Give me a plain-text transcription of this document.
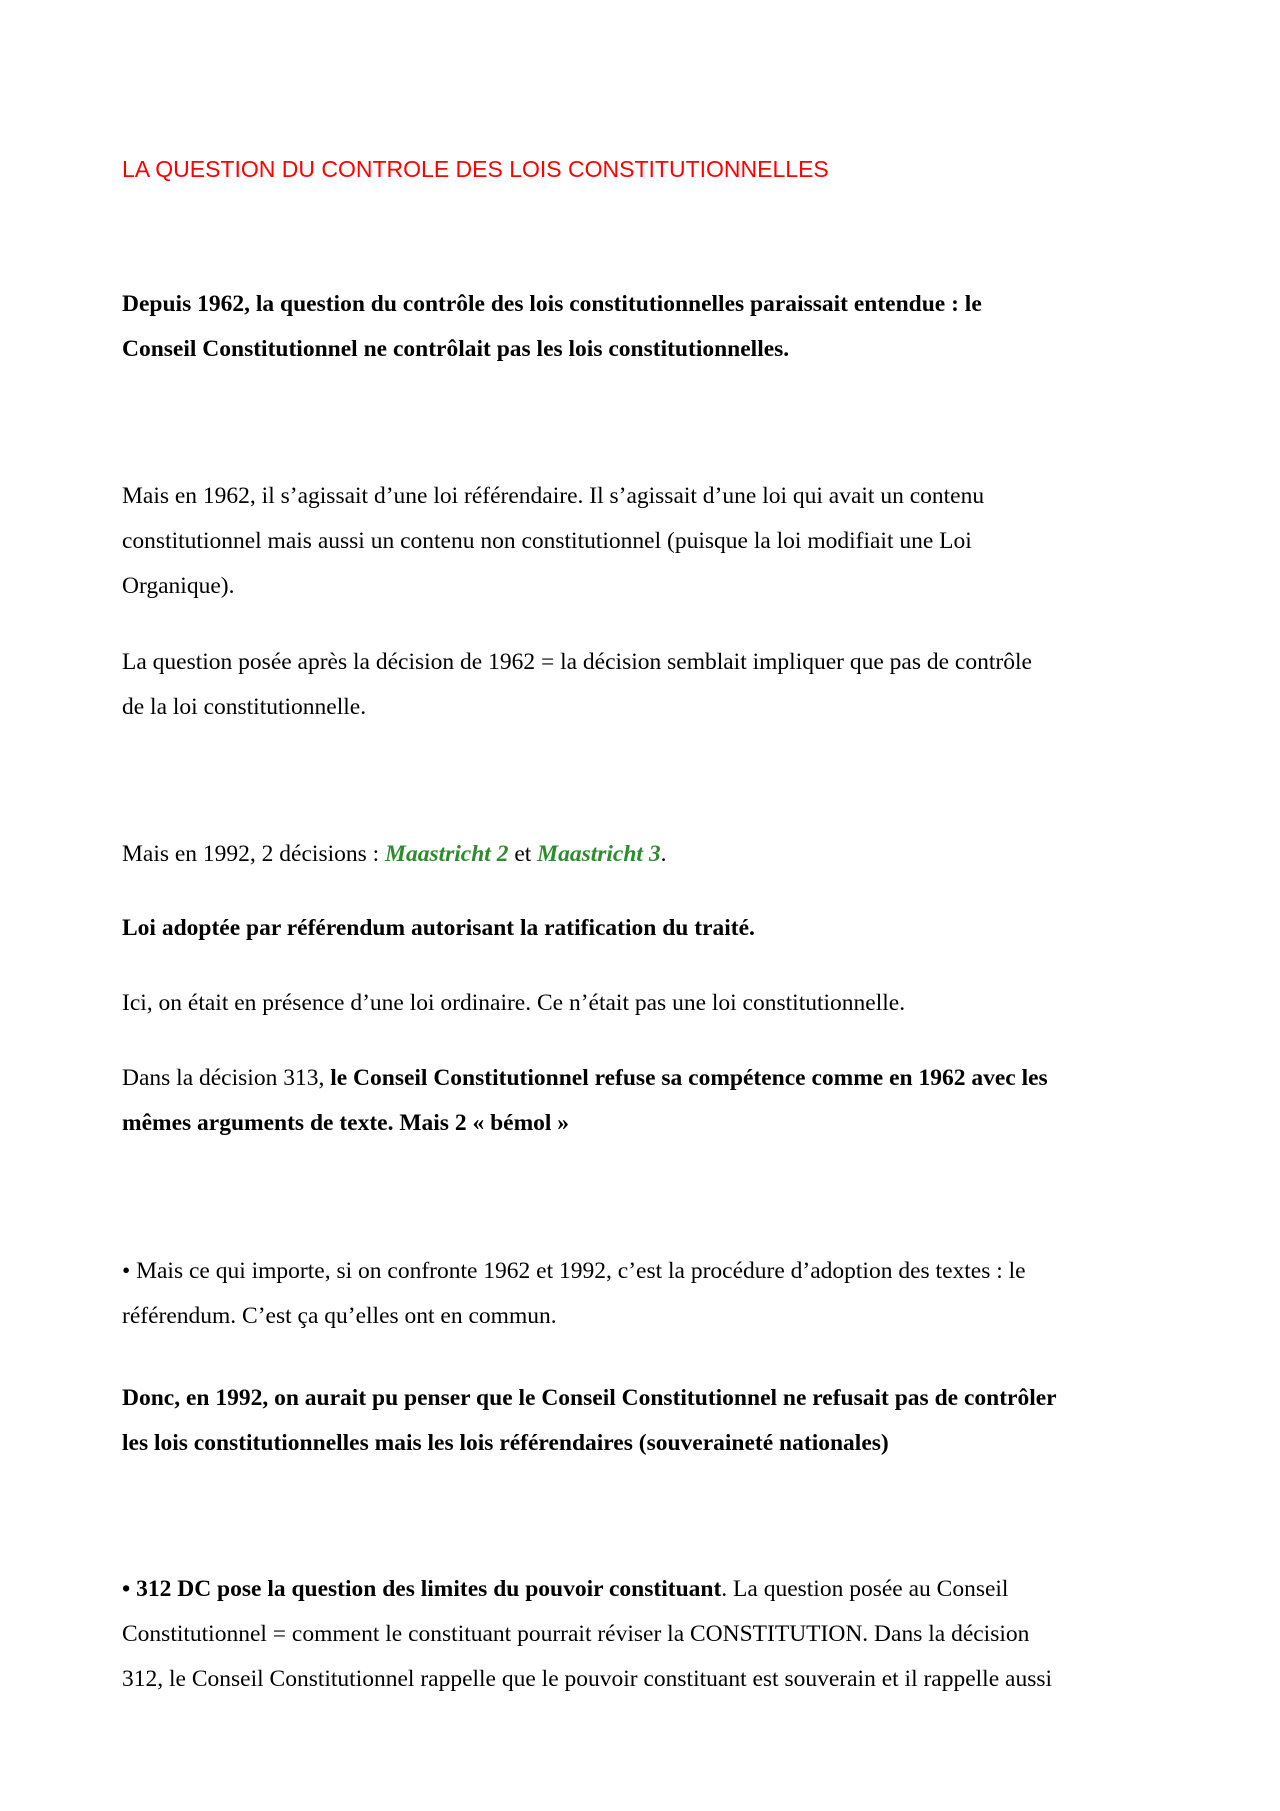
LA QUESTION DU CONTROLE DES LOIS CONSTITUTIONNELLES

Depuis 1962, la question du contrôle des lois constitutionnelles paraissait entendue : le
Conseil Constitutionnel ne contrôlait pas les lois constitutionnelles.

Mais en 1962, il s’agissait d’une loi référendaire. Il s’agissait d’une loi qui avait un contenu
constitutionnel mais aussi un contenu non constitutionnel (puisque la loi modifiait une Loi
Organique).

La question posée après la décision de 1962 = la décision semblait impliquer que pas de contrôle
de la loi constitutionnelle.

Mais en 1992, 2 décisions : Maastricht 2 et Maastricht 3.

Loi adoptée par référendum autorisant la ratification du traité.

Ici, on était en présence d’une loi ordinaire. Ce n’était pas une loi constitutionnelle.

Dans la décision 313, le Conseil Constitutionnel refuse sa compétence comme en 1962 avec les
mêmes arguments de texte. Mais 2 « bémol »

• Mais ce qui importe, si on confronte 1962 et 1992, c’est la procédure d’adoption des textes : le
référendum. C’est ça qu’elles ont en commun.

Donc, en 1992, on aurait pu penser que le Conseil Constitutionnel ne refusait pas de contrôler
les lois constitutionnelles mais les lois référendaires (souveraineté nationales)

• 312 DC pose la question des limites du pouvoir constituant. La question posée au Conseil
Constitutionnel = comment le constituant pourrait réviser la CONSTITUTION. Dans la décision
312, le Conseil Constitutionnel rappelle que le pouvoir constituant est souverain et il rappelle aussi
